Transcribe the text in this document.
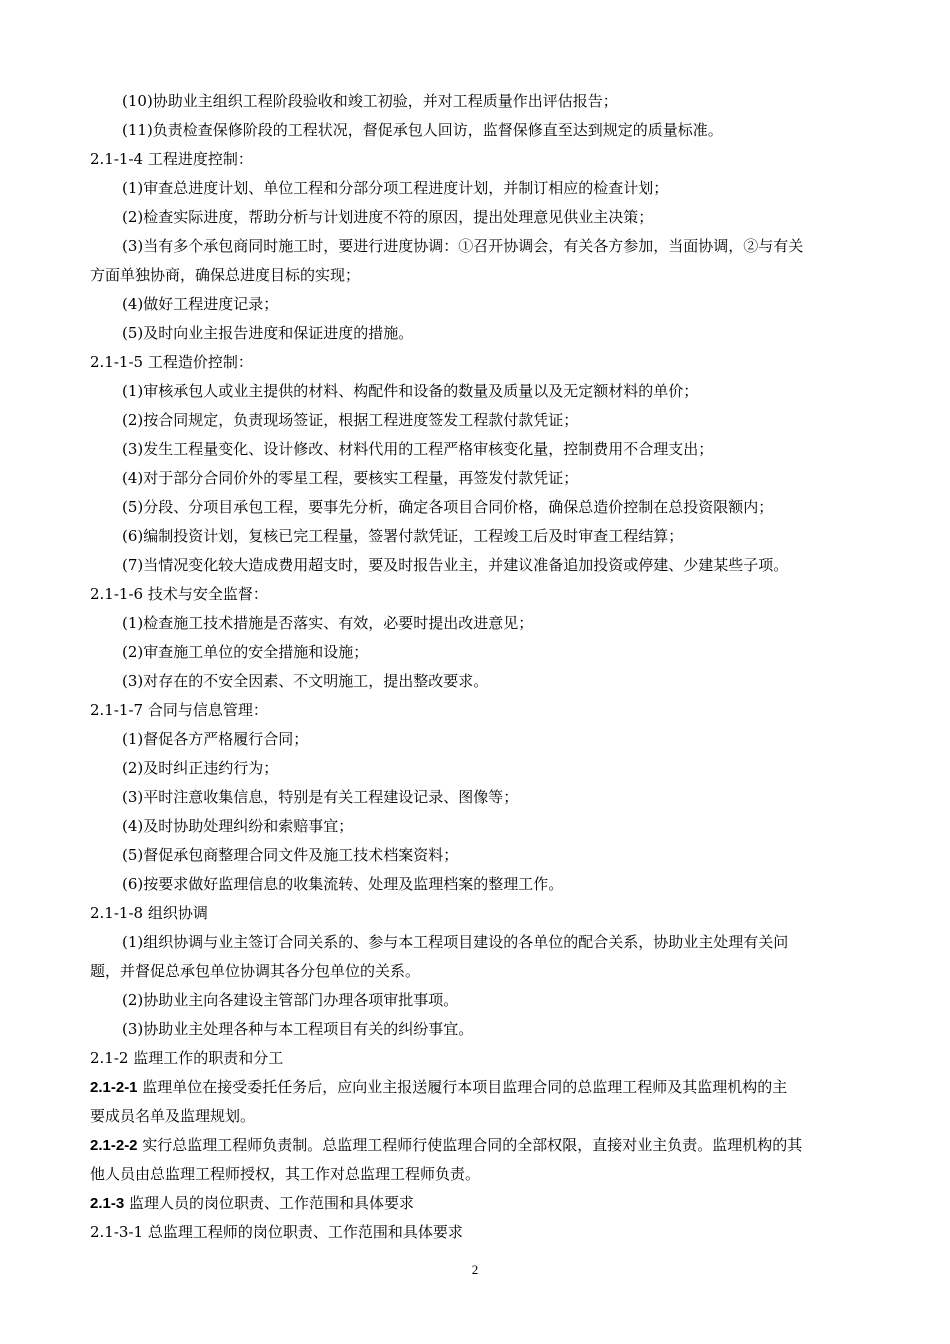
(10)协助业主组织工程阶段验收和竣工初验，并对工程质量作出评估报告；
(11)负责检查保修阶段的工程状况，督促承包人回访，监督保修直至达到规定的质量标准。
2.1-1-4 工程进度控制：
(1)审查总进度计划、单位工程和分部分项工程进度计划，并制订相应的检查计划；
(2)检查实际进度，帮助分析与计划进度不符的原因，提出处理意见供业主决策；
(3)当有多个承包商同时施工时，要进行进度协调：①召开协调会，有关各方参加，当面协调，②与有关
方面单独协商，确保总进度目标的实现；
(4)做好工程进度记录；
(5)及时向业主报告进度和保证进度的措施。
2.1-1-5 工程造价控制：
(1)审核承包人或业主提供的材料、构配件和设备的数量及质量以及无定额材料的单价；
(2)按合同规定，负责现场签证，根据工程进度签发工程款付款凭证；
(3)发生工程量变化、设计修改、材料代用的工程严格审核变化量，控制费用不合理支出；
(4)对于部分合同价外的零星工程，要核实工程量，再签发付款凭证；
(5)分段、分项目承包工程，要事先分析，确定各项目合同价格，确保总造价控制在总投资限额内；
(6)编制投资计划，复核已完工程量，签署付款凭证，工程竣工后及时审查工程结算；
(7)当情况变化较大造成费用超支时，要及时报告业主，并建议准备追加投资或停建、少建某些子项。
2.1-1-6 技术与安全监督：
(1)检查施工技术措施是否落实、有效，必要时提出改进意见；
(2)审查施工单位的安全措施和设施；
(3)对存在的不安全因素、不文明施工，提出整改要求。
2.1-1-7 合同与信息管理：
(1)督促各方严格履行合同；
(2)及时纠正违约行为；
(3)平时注意收集信息，特别是有关工程建设记录、图像等；
(4)及时协助处理纠纷和索赔事宜；
(5)督促承包商整理合同文件及施工技术档案资料；
(6)按要求做好监理信息的收集流转、处理及监理档案的整理工作。
2.1-1-8 组织协调
(1)组织协调与业主签订合同关系的、参与本工程项目建设的各单位的配合关系，协助业主处理有关问
题，并督促总承包单位协调其各分包单位的关系。
(2)协助业主向各建设主管部门办理各项审批事项。
(3)协助业主处理各种与本工程项目有关的纠纷事宜。
2.1-2 监理工作的职责和分工
2.1-2-1 监理单位在接受委托任务后，应向业主报送履行本项目监理合同的总监理工程师及其监理机构的主
要成员名单及监理规划。
2.1-2-2 实行总监理工程师负责制。总监理工程师行使监理合同的全部权限，直接对业主负责。监理机构的其
他人员由总监理工程师授权，其工作对总监理工程师负责。
2.1-3 监理人员的岗位职责、工作范围和具体要求
2.1-3-1 总监理工程师的岗位职责、工作范围和具体要求
2
